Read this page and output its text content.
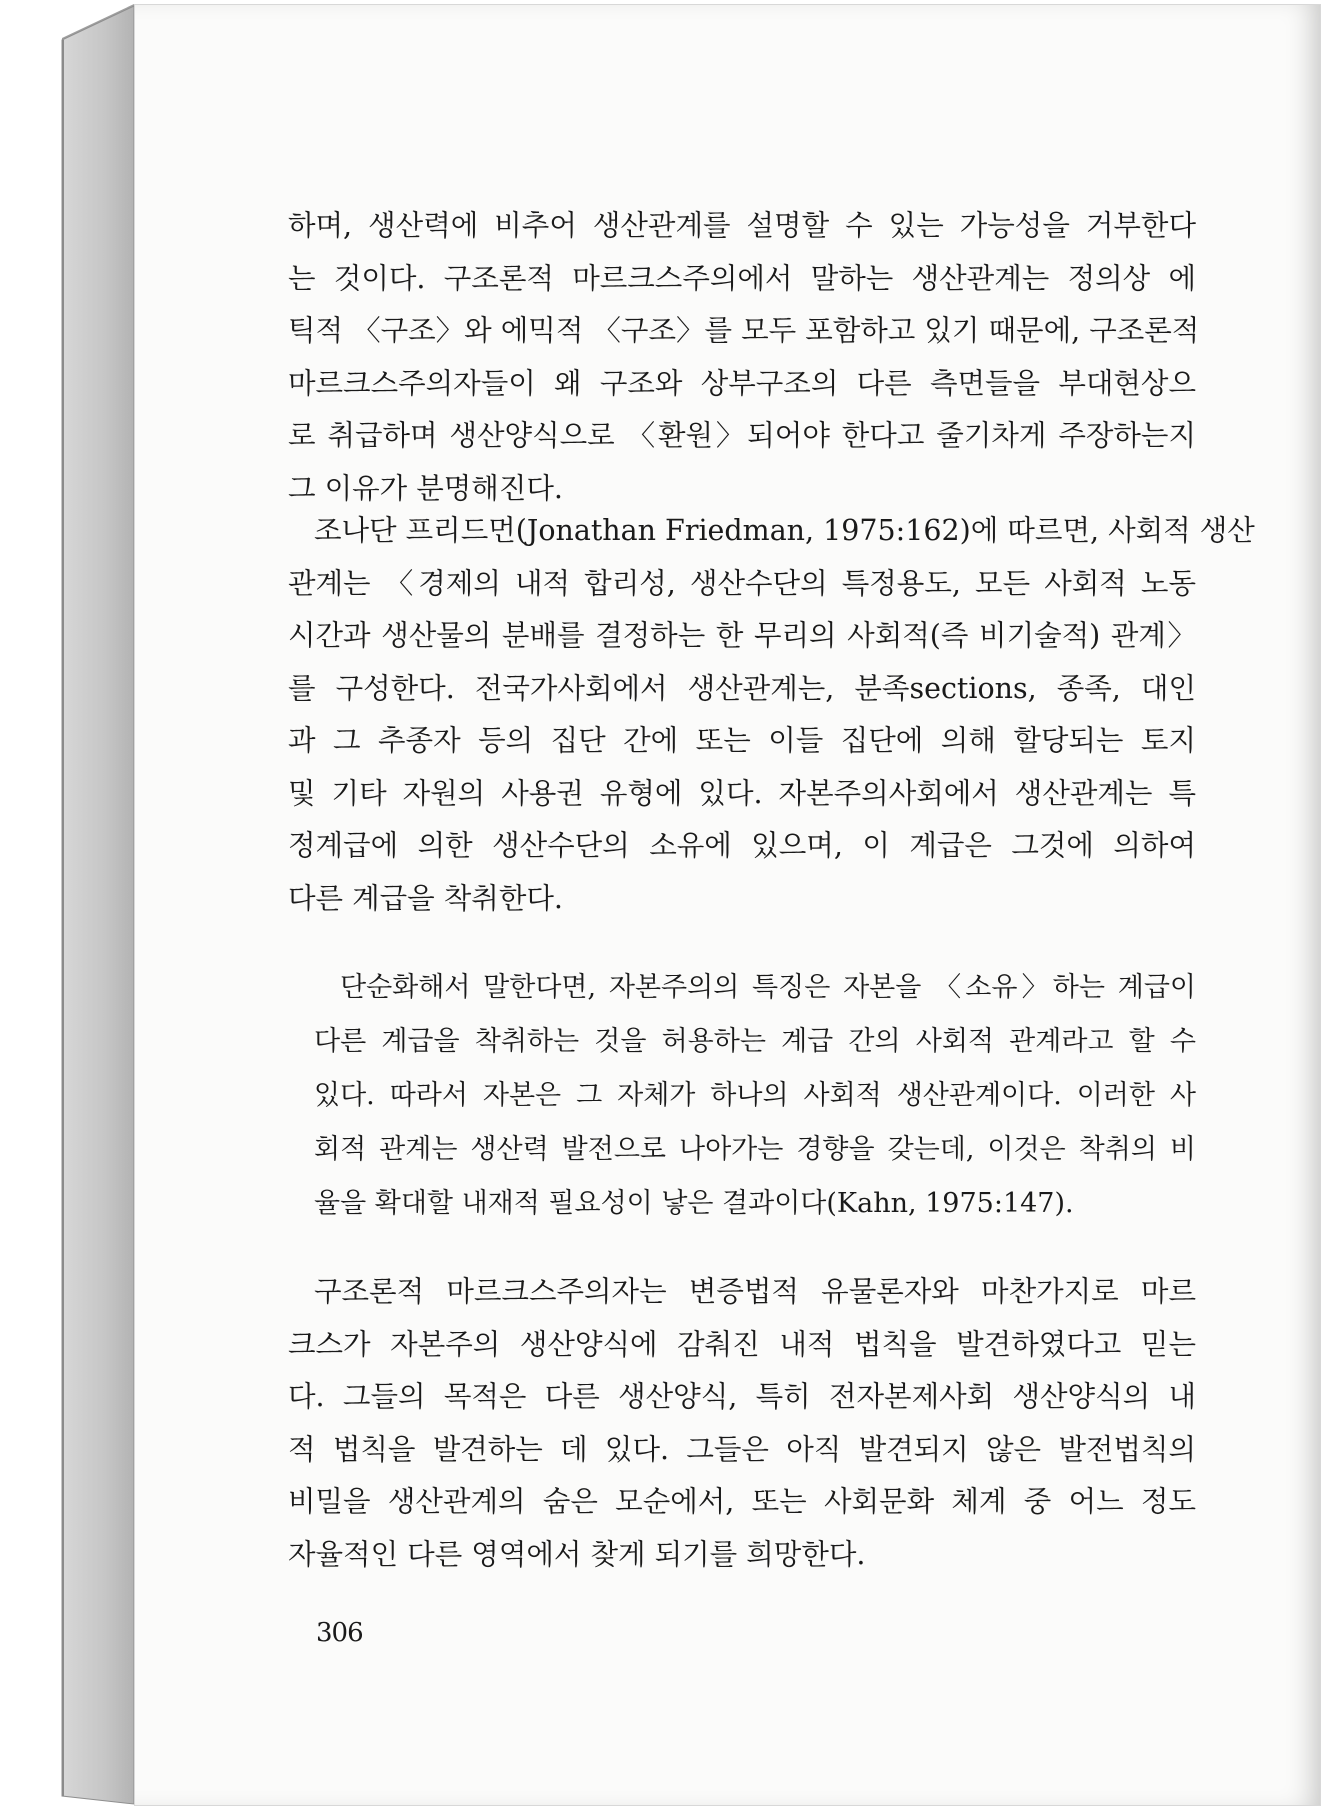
하며, 생산력에 비추어 생산관계를 설명할 수 있는 가능성을 거부한다
는 것이다. 구조론적 마르크스주의에서 말하는 생산관계는 정의상 에
틱적 〈구조〉와 에믹적 〈구조〉를 모두 포함하고 있기 때문에, 구조론적
마르크스주의자들이 왜 구조와 상부구조의 다른 측면들을 부대현상으
로 취급하며 생산양식으로 〈환원〉되어야 한다고 줄기차게 주장하는지
그 이유가 분명해진다.
조나단 프리드먼(Jonathan Friedman, 1975:162)에 따르면, 사회적 생산
관계는 〈경제의 내적 합리성, 생산수단의 특정용도, 모든 사회적 노동
시간과 생산물의 분배를 결정하는 한 무리의 사회적(즉 비기술적) 관계〉
를 구성한다. 전국가사회에서 생산관계는, 분족sections, 종족, 대인
과 그 추종자 등의 집단 간에 또는 이들 집단에 의해 할당되는 토지
및 기타 자원의 사용권 유형에 있다. 자본주의사회에서 생산관계는 특
정계급에 의한 생산수단의 소유에 있으며, 이 계급은 그것에 의하여
다른 계급을 착취한다.
단순화해서 말한다면, 자본주의의 특징은 자본을 〈소유〉하는 계급이
다른 계급을 착취하는 것을 허용하는 계급 간의 사회적 관계라고 할 수
있다. 따라서 자본은 그 자체가 하나의 사회적 생산관계이다. 이러한 사
회적 관계는 생산력 발전으로 나아가는 경향을 갖는데, 이것은 착취의 비
율을 확대할 내재적 필요성이 낳은 결과이다(Kahn, 1975:147).
구조론적 마르크스주의자는 변증법적 유물론자와 마찬가지로 마르
크스가 자본주의 생산양식에 감춰진 내적 법칙을 발견하였다고 믿는
다. 그들의 목적은 다른 생산양식, 특히 전자본제사회 생산양식의 내
적 법칙을 발견하는 데 있다. 그들은 아직 발견되지 않은 발전법칙의
비밀을 생산관계의 숨은 모순에서, 또는 사회문화 체계 중 어느 정도
자율적인 다른 영역에서 찾게 되기를 희망한다.
306
